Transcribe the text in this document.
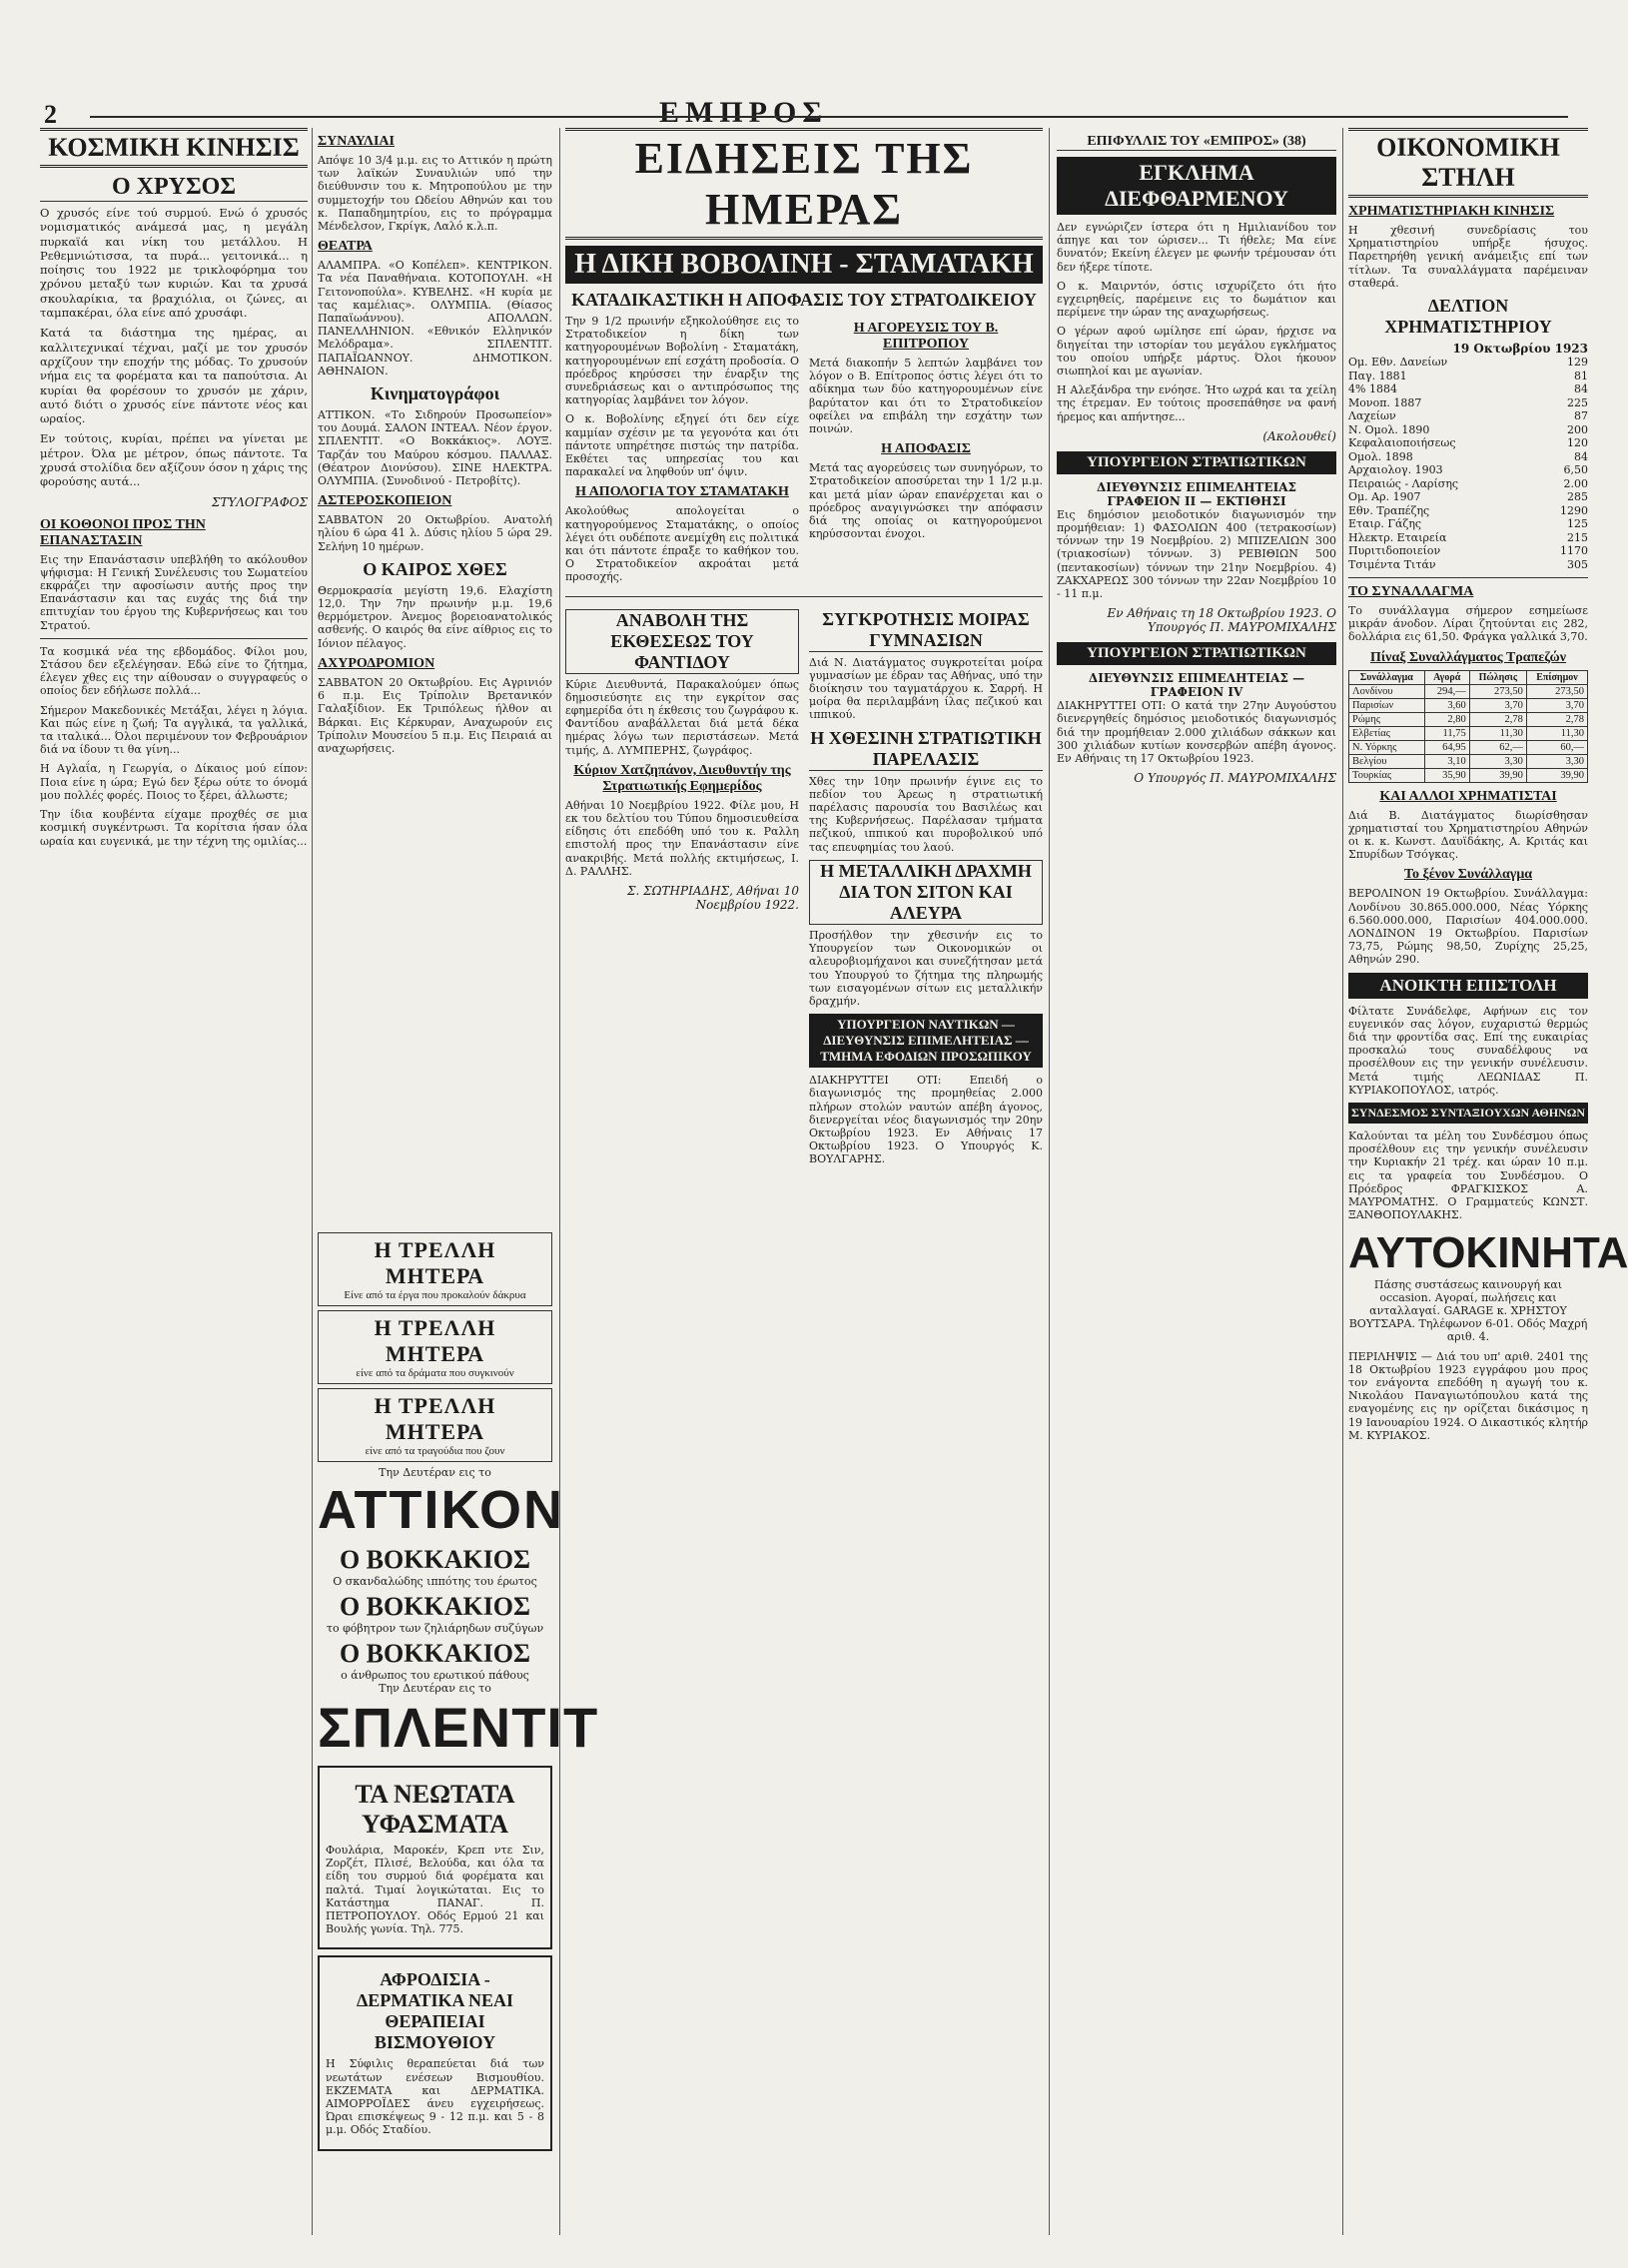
2	ΕΜΠΡΟΣ
ΚΟΣΜΙΚΗ ΚΙΝΗΣΙΣ
Ο ΧΡΥΣΟΣ

Ο χρυσός είνε τού συρμού. Ενώ ό χρυσός νομισματικός ανάμεσά μας, η μεγάλη πυρκαϊά και νίκη του μετάλλου. Η Ρεθεμνιώτισσα, τα πυρά... γειτονικά... η ποίησις του 1922 με τρικλοφόρημα του χρόνου μεταξύ των κυριών. Και τα χρυσά σκουλαρίκια, τα βραχιόλια, οι ζώνες, αι ταμπακέραι, όλα είνε από χρυσάφι.

Κατά τα διάστημα της ημέρας, αι καλλιτεχνικαί τέχναι, μαζί με τον χρυσόν αρχίζουν την εποχήν της μόδας. Το χρυσούν νήμα εις τα φορέματα και τα παπούτσια. Αι κυρίαι θα φορέσουν το χρυσόν με χάριν, αυτό διότι ο χρυσός είνε πάντοτε νέος και ωραίος.

Εν τούτοις, κυρίαι, πρέπει να γίνεται με μέτρον. Όλα με μέτρον, όπως πάντοτε. Τα χρυσά στολίδια δεν αξίζουν όσον η χάρις της φορούσης αυτά...

ΣΤΥΛΟΓΡΑΦΟΣ
ΟΙ ΚΟΘΟΝΟΙ ΠΡΟΣ ΤΗΝ ΕΠΑΝΑΣΤΑΣΙΝ

Εις την Επανάστασιν υπεβλήθη το ακόλουθον ψήφισμα: Η Γενική Συνέλευσις του Σωματείου εκφράζει την αφοσίωσιν αυτής προς την Επανάστασιν και τας ευχάς της διά την επιτυχίαν του έργου της Κυβερνήσεως και του Στρατού.

Τα κοσμικά νέα της εβδομάδος. Φίλοι μου, Στάσου δεν εξελέγησαν. Εδώ είνε το ζήτημα, έλεγεν χθες εις την αίθουσαν ο συγγραφεύς ο οποίος δεν εδήλωσε πολλά...

Σήμερον Μακεδονικές Μετάξαι, λέγει η λόγια. Και πώς είνε η ζωή; Τα αγγλικά, τα γαλλικά, τα ιταλικά... Όλοι περιμένουν τον Φεβρουάριον διά να ίδουν τι θα γίνη...

Η Αγλαΐα, η Γεωργία, ο Δίκαιος μού είπον: Ποια είνε η ώρα; Εγώ δεν ξέρω ούτε το όνομά μου πολλές φορές. Ποιος το ξέρει, άλλωστε;

Την ίδια κουβέντα είχαμε προχθές σε μια κοσμική συγκέντρωσι. Τα κορίτσια ήσαν όλα ωραία και ευγενικά, με την τέχνη της ομιλίας...

ΣΥΝΑΥΛΙΑΙ

Απόψε 10 3/4 μ.μ. εις το Αττικόν η πρώτη των λαϊκών Συναυλιών υπό την διεύθυνσιν του κ. Μητροπούλου με την συμμετοχήν του Ωδείου Αθηνών και του κ. Παπαδημητρίου, εις το πρόγραμμα Μένδελσον, Γκρίγκ, Λαλό κ.λ.π.

ΘΕΑΤΡΑ

ΑΛΑΜΠΡΑ. «Ο Κοπέλεπ». ΚΕΝΤΡΙΚΟΝ. Τα νέα Παναθήναια. ΚΟΤΟΠΟΥΛΗ. «Η Γειτονοπούλα». ΚΥΒΕΛΗΣ. «Η κυρία με τας καμέλιας». ΟΛΥΜΠΙΑ. (Θίασος Παπαϊωάννου). ΑΠΟΛΛΩΝ. ΠΑΝΕΛΛΗΝΙΟΝ. «Εθνικόν Ελληνικόν Μελόδραμα». ΣΠΛΕΝΤΙΤ. ΠΑΠΑΪΩΑΝΝΟΥ. ΔΗΜΟΤΙΚΟΝ. ΑΘΗΝΑΙΟΝ.

Κινηματογράφοι

ΑΤΤΙΚΟΝ. «Το Σιδηρούν Προσωπείον» του Δουμά. ΣΑΛΟΝ ΙΝΤΕΑΛ. Νέον έργον. ΣΠΛΕΝΤΙΤ. «Ο Βοκκάκιος». ΛΟΥΞ. Ταρζάν του Μαύρου κόσμου. ΠΑΛΛΑΣ. (Θέατρον Διονύσου). ΣΙΝΕ ΗΛΕΚΤΡΑ. ΟΛΥΜΠΙΑ. (Συνοδινού - Πετροβίτς).

ΑΣΤΕΡΟΣΚΟΠΕΙΟΝ

ΣΑΒΒΑΤΟΝ 20 Οκτωβρίου. Ανατολή ηλίου 6 ώρα 41 λ. Δύσις ηλίου 5 ώρα 29. Σελήνη 10 ημέρων.

Ο ΚΑΙΡΟΣ ΧΘΕΣ

Θερμοκρασία μεγίστη 19,6. Ελαχίστη 12,0. Την 7ην πρωινήν μ.μ. 19,6 θερμόμετρον. Άνεμος βορειοανατολικός ασθενής. Ο καιρός θα είνε αίθριος εις το Ιόνιον πέλαγος.

ΑΧΥΡΟΔΡΟΜΙΟΝ

ΣΑΒΒΑΤΟΝ 20 Οκτωβρίου. Εις Αγρινιόν 6 π.μ. Εις Τρίπολιν Βρετανικόν Γαλαξίδιον. Εκ Τριπόλεως ήλθον αι Βάρκαι. Εις Κέρκυραν, Αναχωρούν εις Τρίπολιν Μουσείου 5 π.μ. Εις Πειραιά αι αναχωρήσεις.

Η ΤΡΕΛΛΗ ΜΗΤΕΡΑ
Είνε από τα έργα που προκαλούν δάκρυα
Η ΤΡΕΛΛΗ ΜΗΤΕΡΑ
είνε από τα δράματα που συγκινούν
Η ΤΡΕΛΛΗ ΜΗΤΕΡΑ
είνε από τα τραγούδια που ζουν
Την Δευτέραν εις το
ΑΤΤΙΚΟΝ
Ο ΒΟΚΚΑΚΙΟΣ
Ο σκανδαλώδης ιππότης του έρωτος
Ο ΒΟΚΚΑΚΙΟΣ
το φόβητρον των ζηλιάρηδων συζύγων
Ο ΒΟΚΚΑΚΙΟΣ
ο άνθρωπος του ερωτικού πάθους
Την Δευτέραν εις το
ΣΠΛΕΝΤΙΤ
ΤΑ ΝΕΩΤΑΤΑ ΥΦΑΣΜΑΤΑ

Φουλάρια, Μαροκέν, Κρεπ ντε Σιν, Ζορζέτ, Πλισέ, Βελούδα, και όλα τα είδη του συρμού διά φορέματα και παλτά. Τιμαί λογικώταται. Εις το Κατάστημα ΠΑΝΑΓ. Π. ΠΕΤΡΟΠΟΥΛΟΥ. Οδός Ερμού 21 και Βουλής γωνία. Τηλ. 775.

ΑΦΡΟΔΙΣΙΑ - ΔΕΡΜΑΤΙΚΑ ΝΕΑΙ ΘΕΡΑΠΕΙΑΙ ΒΙΣΜΟΥΘΙΟΥ

Η Σύφιλις θεραπεύεται διά των νεωτάτων ενέσεων Βισμουθίου. ΕΚΖΕΜΑΤΑ και ΔΕΡΜΑΤΙΚΑ. ΑΙΜΟΡΡΟΪΔΕΣ άνευ εγχειρήσεως. Ώραι επισκέψεως 9 - 12 π.μ. και 5 - 8 μ.μ. Οδός Σταδίου.

ΕΙΔΗΣΕΙΣ ΤΗΣ ΗΜΕΡΑΣ
Η ΔΙΚΗ ΒΟΒΟΛΙΝΗ - ΣΤΑΜΑΤΑΚΗ
ΚΑΤΑΔΙΚΑΣΤΙΚΗ Η ΑΠΟΦΑΣΙΣ ΤΟΥ ΣΤΡΑΤΟΔΙΚΕΙΟΥ

Την 9 1/2 πρωινήν εξηκολούθησε εις το Στρατοδικείον η δίκη των κατηγορουμένων Βοβολίνη - Σταματάκη, κατηγορουμένων επί εσχάτη προδοσία. Ο πρόεδρος κηρύσσει την έναρξιν της συνεδριάσεως και ο αντιπρόσωπος της κατηγορίας λαμβάνει τον λόγον.

Ο κ. Βοβολίνης εξηγεί ότι δεν είχε καμμίαν σχέσιν με τα γεγονότα και ότι πάντοτε υπηρέτησε πιστώς την πατρίδα. Εκθέτει τας υπηρεσίας του και παρακαλεί να ληφθούν υπ' όψιν.

Η ΑΠΟΛΟΓΙΑ ΤΟΥ ΣΤΑΜΑΤΑΚΗ

Ακολούθως απολογείται ο κατηγορούμενος Σταματάκης, ο οποίος λέγει ότι ουδέποτε ανεμίχθη εις πολιτικά και ότι πάντοτε έπραξε το καθήκον του. Ο Στρατοδικείον ακροάται μετά προσοχής.

Η ΑΓΟΡΕΥΣΙΣ ΤΟΥ Β. ΕΠΙΤΡΟΠΟΥ

Μετά διακοπήν 5 λεπτών λαμβάνει τον λόγον ο Β. Επίτροπος όστις λέγει ότι το αδίκημα των δύο κατηγορουμένων είνε βαρύτατον και ότι το Στρατοδικείον οφείλει να επιβάλη την εσχάτην των ποινών.

Η ΑΠΟΦΑΣΙΣ

Μετά τας αγορεύσεις των συνηγόρων, το Στρατοδικείον αποσύρεται την 1 1/2 μ.μ. και μετά μίαν ώραν επανέρχεται και ο πρόεδρος αναγιγνώσκει την απόφασιν διά της οποίας οι κατηγορούμενοι κηρύσσονται ένοχοι.

ΑΝΑΒΟΛΗ ΤΗΣ ΕΚΘΕΣΕΩΣ ΤΟΥ ΦΑΝΤΙΔΟΥ

Κύριε Διευθυντά, Παρακαλούμεν όπως δημοσιεύσητε εις την εγκρίτον σας εφημερίδα ότι η έκθεσις του ζωγράφου κ. Φαντίδου αναβάλλεται διά μετά δέκα ημέρας λόγω των περιστάσεων. Μετά τιμής, Δ. ΛΥΜΠΕΡΗΣ, ζωγράφος.

Κύριον Χατζηπάνον, Διευθυντήν της Στρατιωτικής Εφημερίδος

Αθήναι 10 Νοεμβρίου 1922. Φίλε μου, Η εκ του δελτίου του Τύπου δημοσιευθείσα είδησις ότι επεδόθη υπό του κ. Ραλλη επιστολή προς την Επανάστασιν είνε ανακριβής. Μετά πολλής εκτιμήσεως, Ι. Δ. ΡΑΛΛΗΣ.

Σ. ΣΩΤΗΡΙΑΔΗΣ, Αθήναι 10 Νοεμβρίου 1922.
ΣΥΓΚΡΟΤΗΣΙΣ ΜΟΙΡΑΣ ΓΥΜΝΑΣΙΩΝ

Διά Ν. Διατάγματος συγκροτείται μοίρα γυμνασίων με έδραν τας Αθήνας, υπό την διοίκησιν του ταγματάρχου κ. Σαρρή. Η μοίρα θα περιλαμβάνη ίλας πεζικού και ιππικού.

Η ΧΘΕΣΙΝΗ ΣΤΡΑΤΙΩΤΙΚΗ ΠΑΡΕΛΑΣΙΣ

Χθες την 10ην πρωινήν έγινε εις το πεδίον του Άρεως η στρατιωτική παρέλασις παρουσία του Βασιλέως και της Κυβερνήσεως. Παρέλασαν τμήματα πεζικού, ιππικού και πυροβολικού υπό τας επευφημίας του λαού.

Η ΜΕΤΑΛΛΙΚΗ ΔΡΑΧΜΗ ΔΙΑ ΤΟΝ ΣΙΤΟΝ ΚΑΙ ΑΛΕΥΡΑ

Προσήλθον την χθεσινήν εις το Υπουργείον των Οικονομικών οι αλευροβιομήχανοι και συνεζήτησαν μετά του Υπουργού το ζήτημα της πληρωμής των εισαγομένων σίτων εις μεταλλικήν δραχμήν.

ΥΠΟΥΡΓΕΙΟΝ ΝΑΥΤΙΚΩΝ — ΔΙΕΥΘΥΝΣΙΣ ΕΠΙΜΕΛΗΤΕΙΑΣ — ΤΜΗΜΑ ΕΦΟΔΙΩΝ ΠΡΟΣΩΠΙΚΟΥ

ΔΙΑΚΗΡΥΤΤΕΙ ΟΤΙ: Επειδή ο διαγωνισμός της προμηθείας 2.000 πλήρων στολών ναυτών απέβη άγονος, διενεργείται νέος διαγωνισμός την 20ην Οκτωβρίου 1923. Εν Αθήναις 17 Οκτωβρίου 1923. Ο Υπουργός Κ. ΒΟΥΛΓΑΡΗΣ.

ΕΠΙΦΥΛΛΙΣ ΤΟΥ «ΕΜΠΡΟΣ» (38)
ΕΓΚΛΗΜΑ ΔΙΕΦΘΑΡΜΕΝΟΥ

Δεν εγνώριζεν ίστερα ότι η Ημιλιανίδου τον άπηγε και τον ώρισεν... Τι ήθελε; Μα είνε δυνατόν; Εκείνη έλεγεν με φωνήν τρέμουσαν ότι δεν ήξερε τίποτε.

Ο κ. Μαιρντόν, όστις ισχυρίζετο ότι ήτο εγχειρηθείς, παρέμεινε εις το δωμάτιον και περίμενε την ώραν της αναχωρήσεως.

Ο γέρων αφού ωμίλησε επί ώραν, ήρχισε να διηγείται την ιστορίαν του μεγάλου εγκλήματος του οποίου υπήρξε μάρτυς. Όλοι ήκουον σιωπηλοί και με αγωνίαν.

Η Αλεξάνδρα την ενόησε. Ήτο ωχρά και τα χείλη της έτρεμαν. Εν τούτοις προσεπάθησε να φανή ήρεμος και απήντησε...

(Ακολουθεί)
ΥΠΟΥΡΓΕΙΟΝ ΣΤΡΑΤΙΩΤΙΚΩΝ
ΔΙΕΥΘΥΝΣΙΣ ΕΠΙΜΕΛΗΤΕΙΑΣ
ΓΡΑΦΕΙΟΝ ΙΙ — ΕΚΤΙΘΗΣΙ

Εις δημόσιον μειοδοτικόν διαγωνισμόν την προμήθειαν: 1) ΦΑΣΟΛΙΩΝ 400 (τετρακοσίων) τόννων την 19 Νοεμβρίου. 2) ΜΠΙΖΕΛΙΩΝ 300 (τριακοσίων) τόννων. 3) ΡΕΒΙΘΙΩΝ 500 (πεντακοσίων) τόννων την 21ην Νοεμβρίου. 4) ΖΑΚΧΑΡΕΩΣ 300 τόννων την 22αν Νοεμβρίου 10 - 11 π.μ.

Εν Αθήναις τη 18 Οκτωβρίου 1923. Ο Υπουργός Π. ΜΑΥΡΟΜΙΧΑΛΗΣ
ΥΠΟΥΡΓΕΙΟΝ ΣΤΡΑΤΙΩΤΙΚΩΝ
ΔΙΕΥΘΥΝΣΙΣ ΕΠΙΜΕΛΗΤΕΙΑΣ — ΓΡΑΦΕΙΟΝ IV

ΔΙΑΚΗΡΥΤΤΕΙ ΟΤΙ: Ο κατά την 27ην Αυγούστου διενεργηθείς δημόσιος μειοδοτικός διαγωνισμός διά την προμήθειαν 2.000 χιλιάδων σάκκων και 300 χιλιάδων κυτίων κονσερβών απέβη άγονος. Εν Αθήναις τη 17 Οκτωβρίου 1923.

Ο Υπουργός Π. ΜΑΥΡΟΜΙΧΑΛΗΣ
ΟΙΚΟΝΟΜΙΚΗ ΣΤΗΛΗ
ΧΡΗΜΑΤΙΣΤΗΡΙΑΚΗ ΚΙΝΗΣΙΣ

Η χθεσινή συνεδρίασις του Χρηματιστηρίου υπήρξε ήσυχος. Παρετηρήθη γενική ανάμειξις επί των τίτλων. Τα συναλλάγματα παρέμειναν σταθερά.

ΔΕΛΤΙΟΝ ΧΡΗΜΑΤΙΣΤΗΡΙΟΥ
19 Οκτωβρίου 1923
Ομ. Εθν. Δανείων	129
Παγ. 1881	81
4% 1884	84
Μονοπ. 1887	225
Λαχείων	87
Ν. Ομολ. 1890	200
Κεφαλαιοποιήσεως	120
Ομολ. 1898	84
Αρχαιολογ. 1903	6,50
Πειραιώς - Λαρίσης	2.00
Ομ. Αρ. 1907	285
Εθν. Τραπέζης	1290
Εταιρ. Γάζης	125
Ηλεκτρ. Εταιρεία	215
Πυριτιδοποιείον	1170
Τσιμέντα Τιτάν	305
ΤΟ ΣΥΝΑΛΛΑΓΜΑ

Το συνάλλαγμα σήμερον εσημείωσε μικράν άνοδον. Λίραι ζητούνται εις 282, δολλάρια εις 61,50. Φράγκα γαλλικά 3,70.

Πίναξ Συναλλάγματος Τραπεζών
Συνάλλαγμα	Αγορά	Πώλησις	Επίσημον
Λονδίνου	294,—	273,50	273,50
Παρισίων	3,60	3,70	3,70
Ρώμης	2,80	2,78	2,78
Ελβετίας	11,75	11,30	11,30
Ν. Υόρκης	64,95	62,—	60,—
Βελγίου	3,10	3,30	3,30
Τουρκίας	35,90	39,90	39,90
ΚΑΙ ΑΛΛΟΙ ΧΡΗΜΑΤΙΣΤΑΙ

Διά Β. Διατάγματος διωρίσθησαν χρηματισταί του Χρηματιστηρίου Αθηνών οι κ. κ. Κωνστ. Δαυϊδάκης, Α. Κριτάς και Σπυρίδων Τσόγκας.

Το ξένον Συνάλλαγμα

ΒΕΡΟΛΙΝΟΝ 19 Οκτωβρίου. Συνάλλαγμα: Λονδίνου 30.865.000.000, Νέας Υόρκης 6.560.000.000, Παρισίων 404.000.000. ΛΟΝΔΙΝΟΝ 19 Οκτωβρίου. Παρισίων 73,75, Ρώμης 98,50, Ζυρίχης 25,25, Αθηνών 290.

ΑΝΟΙΚΤΗ ΕΠΙΣΤΟΛΗ

Φίλτατε Συνάδελφε, Αφήνων εις τον ευγενικόν σας λόγον, ευχαριστώ θερμώς διά την φροντίδα σας. Επί της ευκαιρίας προσκαλώ τους συναδέλφους να προσέλθουν εις την γενικήν συνέλευσιν. Μετά τιμής ΛΕΩΝΙΔΑΣ Π. ΚΥΡΙΑΚΟΠΟΥΛΟΣ, ιατρός.

ΣΥΝΔΕΣΜΟΣ ΣΥΝΤΑΞΙΟΥΧΩΝ ΑΘΗΝΩΝ

Καλούνται τα μέλη του Συνδέσμου όπως προσέλθουν εις την γενικήν συνέλευσιν την Κυριακήν 21 τρέχ. και ώραν 10 π.μ. εις τα γραφεία του Συνδέσμου. Ο Πρόεδρος ΦΡΑΓΚΙΣΚΟΣ Α. ΜΑΥΡΟΜΑΤΗΣ. Ο Γραμματεύς ΚΩΝΣΤ. ΞΑΝΘΟΠΟΥΛΑΚΗΣ.

ΑΥΤΟΚΙΝΗΤΑ

Πάσης συστάσεως καινουργή και occasion. Αγοραί, πωλήσεις και ανταλλαγαί. GARAGE κ. ΧΡΗΣΤΟΥ ΒΟΥΤΣΑΡΑ. Τηλέφωνον 6-01. Οδός Μαχρή αριθ. 4.

ΠΕΡΙΛΗΨΙΣ — Διά του υπ' αριθ. 2401 της 18 Οκτωβρίου 1923 εγγράφου μου προς τον ενάγοντα επεδόθη η αγωγή του κ. Νικολάου Παναγιωτόπουλου κατά της εναγομένης εις ην ορίζεται δικάσιμος η 19 Ιανουαρίου 1924. Ο Δικαστικός κλητήρ Μ. ΚΥΡΙΑΚΟΣ.
